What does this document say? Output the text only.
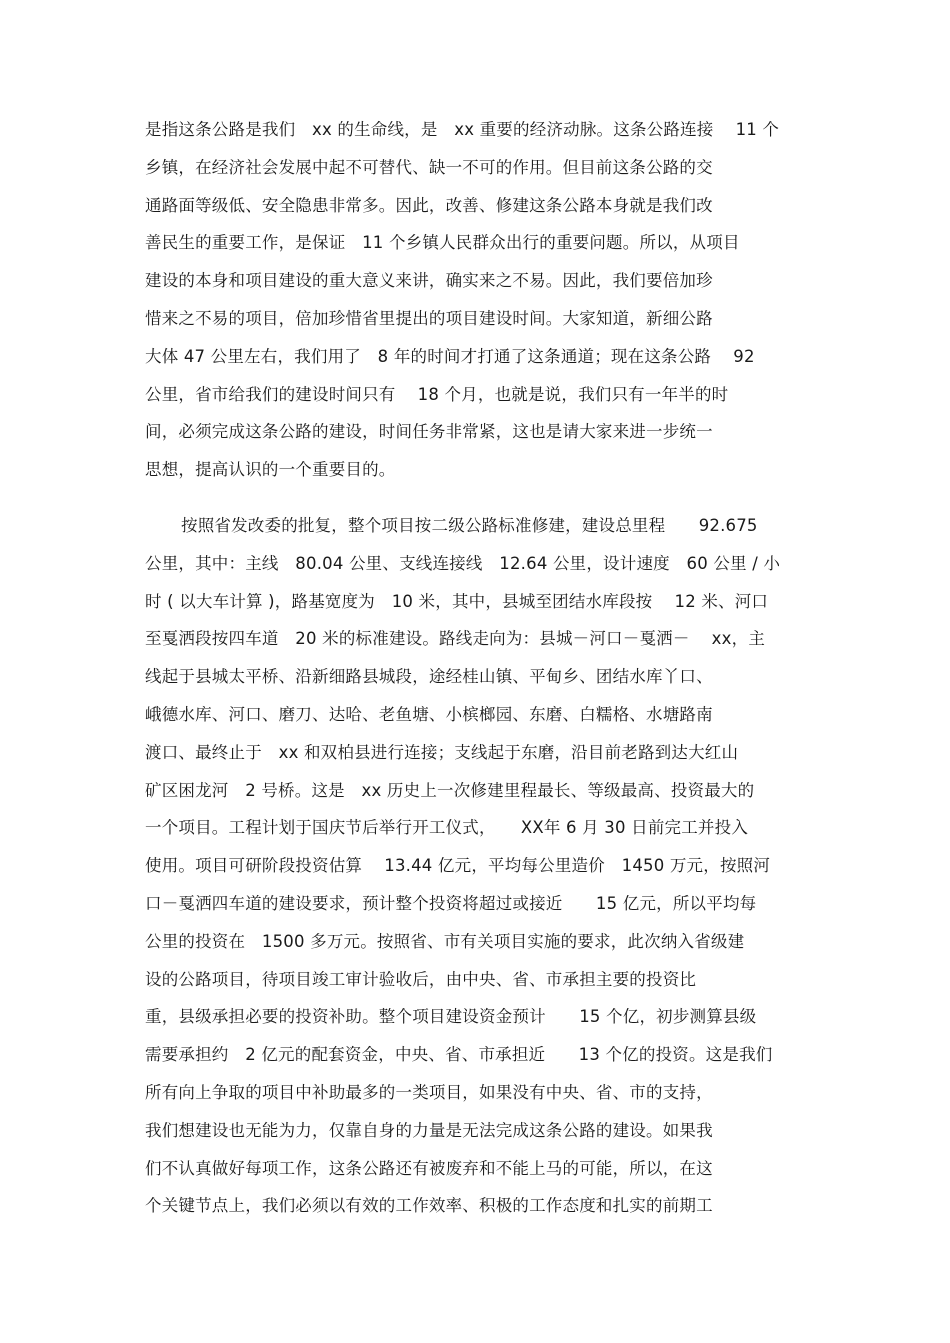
是指这条公路是我们　xx 的生命线，是　xx 重要的经济动脉。这条公路连接　 11 个
乡镇，在经济社会发展中起不可替代、缺一不可的作用。但目前这条公路的交
通路面等级低、安全隐患非常多。因此，改善、修建这条公路本身就是我们改
善民生的重要工作，是保证　11 个乡镇人民群众出行的重要问题。所以，从项目
建设的本身和项目建设的重大意义来讲，确实来之不易。因此，我们要倍加珍
惜来之不易的项目，倍加珍惜省里提出的项目建设时间。大家知道，新细公路
大体 47 公里左右，我们用了　8 年的时间才打通了这条通道；现在这条公路　 92
公里，省市给我们的建设时间只有　 18 个月，也就是说，我们只有一年半的时
间，必须完成这条公路的建设，时间任务非常紧，这也是请大家来进一步统一
思想，提高认识的一个重要目的。
按照省发改委的批复，整个项目按二级公路标准修建，建设总里程　　92.675
公里，其中：主线　80.04 公里、支线连接线　12.64 公里，设计速度　60 公里 / 小
时 ( 以大车计算 )，路基宽度为　10 米，其中，县城至团结水库段按　 12 米、河口
至戛洒段按四车道　20 米的标准建设。路线走向为：县城－河口－戛洒－　 xx，主
线起于县城太平桥、沿新细路县城段，途经桂山镇、平甸乡、团结水库丫口、
峨德水库、河口、磨刀、达哈、老鱼塘、小槟榔园、东磨、白糯格、水塘路南
渡口、最终止于　xx 和双柏县进行连接；支线起于东磨，沿目前老路到达大红山
矿区困龙河　2 号桥。这是　xx 历史上一次修建里程最长、等级最高、投资最大的
一个项目。工程计划于国庆节后举行开工仪式，　　XX年 6 月 30 日前完工并投入
使用。项目可研阶段投资估算　 13.44 亿元，平均每公里造价　1450 万元，按照河
口－戛洒四车道的建设要求，预计整个投资将超过或接近　　15 亿元，所以平均每
公里的投资在　1500 多万元。按照省、市有关项目实施的要求，此次纳入省级建
设的公路项目，待项目竣工审计验收后，由中央、省、市承担主要的投资比
重，县级承担必要的投资补助。整个项目建设资金预计　　15 个亿，初步测算县级
需要承担约　2 亿元的配套资金，中央、省、市承担近　　13 个亿的投资。这是我们
所有向上争取的项目中补助最多的一类项目，如果没有中央、省、市的支持，
我们想建设也无能为力，仅靠自身的力量是无法完成这条公路的建设。如果我
们不认真做好每项工作，这条公路还有被废弃和不能上马的可能，所以，在这
个关键节点上，我们必须以有效的工作效率、积极的工作态度和扎实的前期工
